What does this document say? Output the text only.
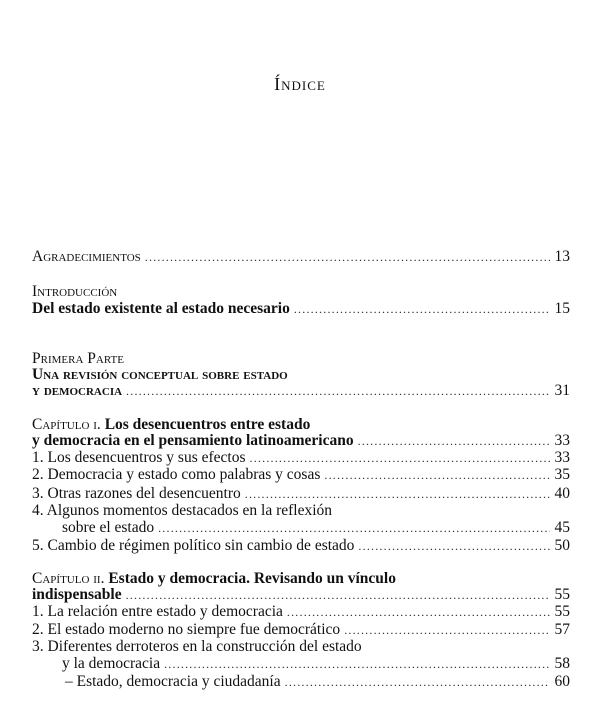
Índice
Agradecimientos .....	13
Introducción
Del estado existente al estado necesario .....	15
Primera Parte
Una revisión conceptual sobre estado
y democracia .....	31
Capítulo i. Los desencuentros entre estado
y democracia en el pensamiento latinoamericano .....	33
1. Los desencuentros y sus efectos .....	33
2. Democracia y estado como palabras y cosas .....	35
3. Otras razones del desencuentro .....	40
4. Algunos momentos destacados en la reflexión
sobre el estado .....	45
5. Cambio de régimen político sin cambio de estado .....	50
Capítulo ii. Estado y democracia. Revisando un vínculo
indispensable .....	55
1. La relación entre estado y democracia .....	55
2. El estado moderno no siempre fue democrático .....	57
3. Diferentes derroteros en la construcción del estado
y la democracia .....	58
– Estado, democracia y ciudadanía .....	60
